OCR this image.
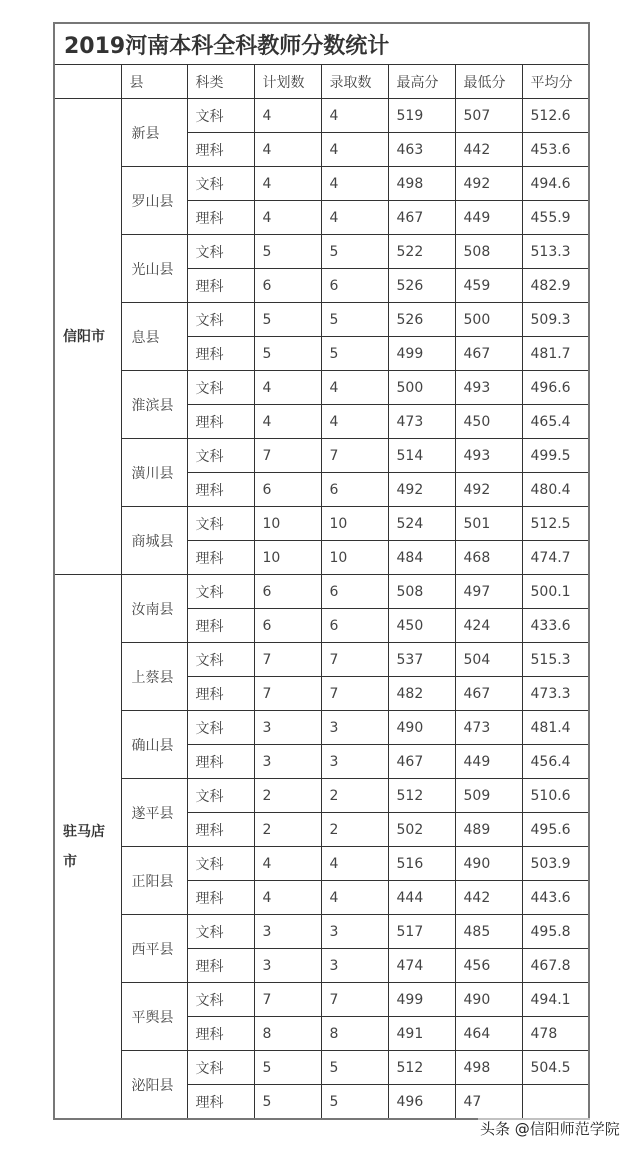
2019河南本科全科教师分数统计							
	县	科类	计划数	录取数	最高分	最低分	平均分
信阳市	新县	文科	4	4	519	507	512.6
		理科	4	4	463	442	453.6
	罗山县	文科	4	4	498	492	494.6
		理科	4	4	467	449	455.9
	光山县	文科	5	5	522	508	513.3
		理科	6	6	526	459	482.9
	息县	文科	5	5	526	500	509.3
		理科	5	5	499	467	481.7
	淮滨县	文科	4	4	500	493	496.6
		理科	4	4	473	450	465.4
	潢川县	文科	7	7	514	493	499.5
		理科	6	6	492	492	480.4
	商城县	文科	10	10	524	501	512.5
		理科	10	10	484	468	474.7
驻马店市	汝南县	文科	6	6	508	497	500.1
		理科	6	6	450	424	433.6
	上蔡县	文科	7	7	537	504	515.3
		理科	7	7	482	467	473.3
	确山县	文科	3	3	490	473	481.4
		理科	3	3	467	449	456.4
	遂平县	文科	2	2	512	509	510.6
		理科	2	2	502	489	495.6
	正阳县	文科	4	4	516	490	503.9
		理科	4	4	444	442	443.6
	西平县	文科	3	3	517	485	495.8
		理科	3	3	474	456	467.8
	平舆县	文科	7	7	499	490	494.1
		理科	8	8	491	464	478
	泌阳县	文科	5	5	512	498	504.5
		理科	5	5	496	47	
头条 @信阳师范学院
